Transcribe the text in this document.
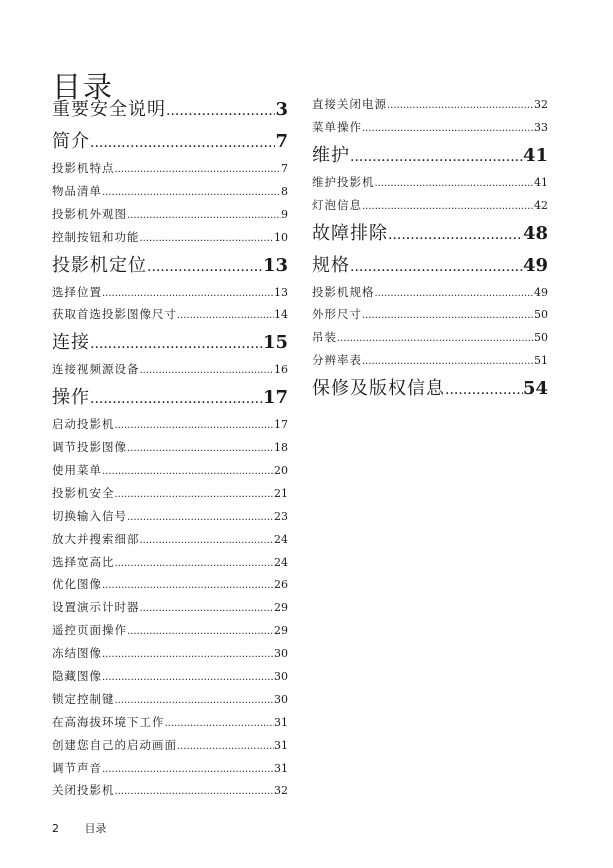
目录
重要安全说明 .....	3
简介 .....	7
投影机特点 .....	7
物品清单 .....	8
投影机外观图 .....	9
控制按钮和功能 .....	10
投影机定位 .....	13
选择位置 .....	13
获取首选投影图像尺寸 .....	14
连接 .....	15
连接视频源设备 .....	16
操作 .....	17
启动投影机 .....	17
调节投影图像 .....	18
使用菜单 .....	20
投影机安全 .....	21
切换输入信号 .....	23
放大并搜索细部 .....	24
选择宽高比 .....	24
优化图像 .....	26
设置演示计时器 .....	29
遥控页面操作 .....	29
冻结图像 .....	30
隐藏图像 .....	30
锁定控制键 .....	30
在高海拔环境下工作 .....	31
创建您自己的启动画面 .....	31
调节声音 .....	31
关闭投影机 .....	32
直接关闭电源 .....	32
菜单操作 .....	33
维护 .....	41
维护投影机 .....	41
灯泡信息 .....	42
故障排除 .....	48
规格 .....	49
投影机规格 .....	49
外形尺寸 .....	50
吊装 .....	50
分辨率表 .....	51
保修及版权信息 .....	54
2 目录
